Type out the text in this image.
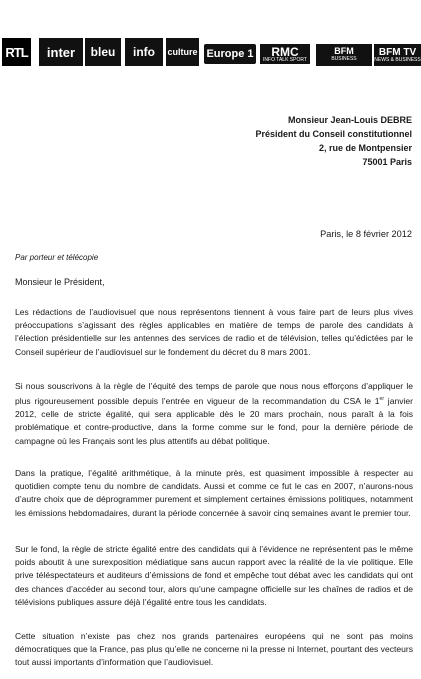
RTL inter bleu info culture Europe 1 RMC
INFO TALK SPORT
BFM
BUSINESS
BFM TV
NEWS & BUSINESS
Monsieur Jean-Louis DEBRE
Président du Conseil constitutionnel
2, rue de Montpensier
75001 Paris
Paris, le 8 février 2012
Par porteur et télécopie
Monsieur le Président,
Les rédactions de l’audiovisuel que nous représentons tiennent à vous faire part de leurs plus vives préoccupations s’agissant des règles applicables en matière de temps de parole des candidats à l’élection présidentielle sur les antennes des services de radio et de télévision, telles qu’édictées par le Conseil supérieur de l’audiovisuel sur le fondement du décret du 8 mars 2001.
Si nous souscrivons à la règle de l’équité des temps de parole que nous nous efforçons d’appliquer le plus rigoureusement possible depuis l’entrée en vigueur de la recommandation du CSA le 1er janvier 2012, celle de stricte égalité, qui sera applicable dès le 20 mars prochain, nous paraît à la fois problématique et contre-productive, dans la forme comme sur le fond, pour la dernière période de campagne où les Français sont les plus attentifs au débat politique.
Dans la pratique, l’égalité arithmétique, à la minute près, est quasiment impossible à respecter au quotidien compte tenu du nombre de candidats. Aussi et comme ce fut le cas en 2007, n’aurons-nous d’autre choix que de déprogrammer purement et simplement certaines émissions politiques, notamment les émissions hebdomadaires, durant la période concernée à savoir cinq semaines avant le premier tour.
Sur le fond, la règle de stricte égalité entre des candidats qui à l’évidence ne représentent pas le même poids aboutit à une surexposition médiatique sans aucun rapport avec la réalité de la vie politique. Elle prive téléspectateurs et auditeurs d’émissions de fond et empêche tout débat avec les candidats qui ont des chances d’accéder au second tour, alors qu’une campagne officielle sur les chaînes de radios et de télévisions publiques assure déjà l’égalité entre tous les candidats.
Cette situation n’existe pas chez nos grands partenaires européens qui ne sont pas moins démocratiques que la France, pas plus qu’elle ne concerne ni la presse ni Internet, pourtant des vecteurs tout aussi importants d’information que l’audiovisuel.
